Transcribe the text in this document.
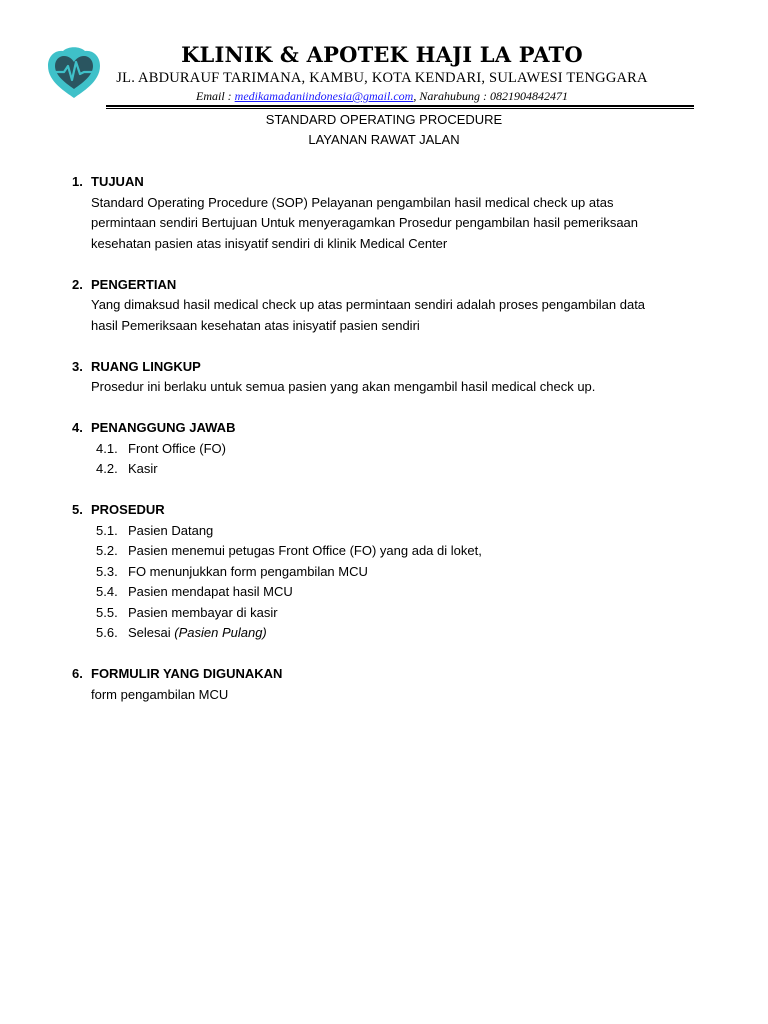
KLINIK & APOTEK HAJI LA PATO
JL. ABDURAUF TARIMANA, KAMBU, KOTA KENDARI, SULAWESI TENGGARA
Email : medikamadaniindonesia@gmail.com, Narahubung : 0821904842471
STANDARD OPERATING PROCEDURE
LAYANAN RAWAT JALAN
1. TUJUAN
Standard Operating Procedure (SOP) Pelayanan pengambilan hasil medical check up atas
permintaan sendiri Bertujuan Untuk menyeragamkan Prosedur pengambilan hasil pemeriksaan
kesehatan pasien atas inisyatif sendiri di klinik Medical Center
2. PENGERTIAN
Yang dimaksud hasil medical check up atas permintaan sendiri adalah proses pengambilan data
hasil Pemeriksaan kesehatan atas inisyatif pasien sendiri
3. RUANG LINGKUP
Prosedur ini berlaku untuk semua pasien yang akan mengambil hasil medical check up.
4. PENANGGUNG JAWAB
4.1. Front Office (FO)
4.2. Kasir
5. PROSEDUR
5.1. Pasien Datang
5.2. Pasien menemui petugas Front Office (FO) yang ada di loket,
5.3. FO menunjukkan form pengambilan MCU
5.4. Pasien mendapat hasil MCU
5.5. Pasien membayar di kasir
5.6. Selesai (Pasien Pulang)
6. FORMULIR YANG DIGUNAKAN
form pengambilan MCU
